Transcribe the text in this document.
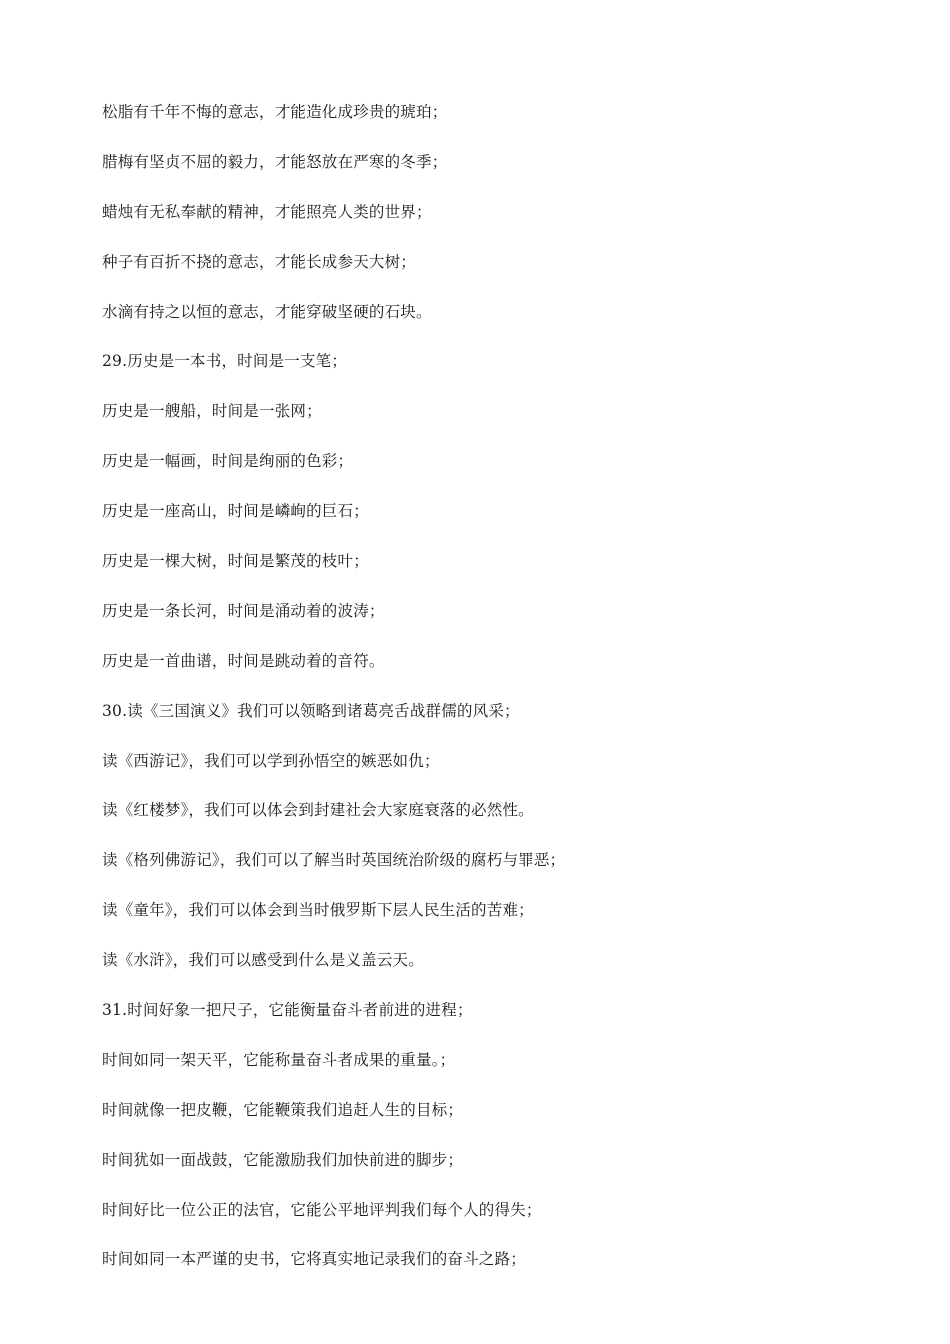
松脂有千年不悔的意志，才能造化成珍贵的琥珀；
腊梅有坚贞不屈的毅力，才能怒放在严寒的冬季；
蜡烛有无私奉献的精神，才能照亮人类的世界；
种子有百折不挠的意志，才能长成参天大树；
水滴有持之以恒的意志，才能穿破坚硬的石块。
29.历史是一本书，时间是一支笔；
历史是一艘船，时间是一张网；
历史是一幅画，时间是绚丽的色彩；
历史是一座高山，时间是嶙峋的巨石；
历史是一棵大树，时间是繁茂的枝叶；
历史是一条长河，时间是涌动着的波涛；
历史是一首曲谱，时间是跳动着的音符。
30.读《三国演义》我们可以领略到诸葛亮舌战群儒的风采；
读《西游记》，我们可以学到孙悟空的嫉恶如仇；
读《红楼梦》，我们可以体会到封建社会大家庭衰落的必然性。
读《格列佛游记》，我们可以了解当时英国统治阶级的腐朽与罪恶；
读《童年》，我们可以体会到当时俄罗斯下层人民生活的苦难；
读《水浒》，我们可以感受到什么是义盖云天。
31.时间好象一把尺子，它能衡量奋斗者前进的进程；
时间如同一架天平，它能称量奋斗者成果的重量。；
时间就像一把皮鞭，它能鞭策我们追赶人生的目标；
时间犹如一面战鼓，它能激励我们加快前进的脚步；
时间好比一位公正的法官，它能公平地评判我们每个人的得失；
时间如同一本严谨的史书，它将真实地记录我们的奋斗之路；
